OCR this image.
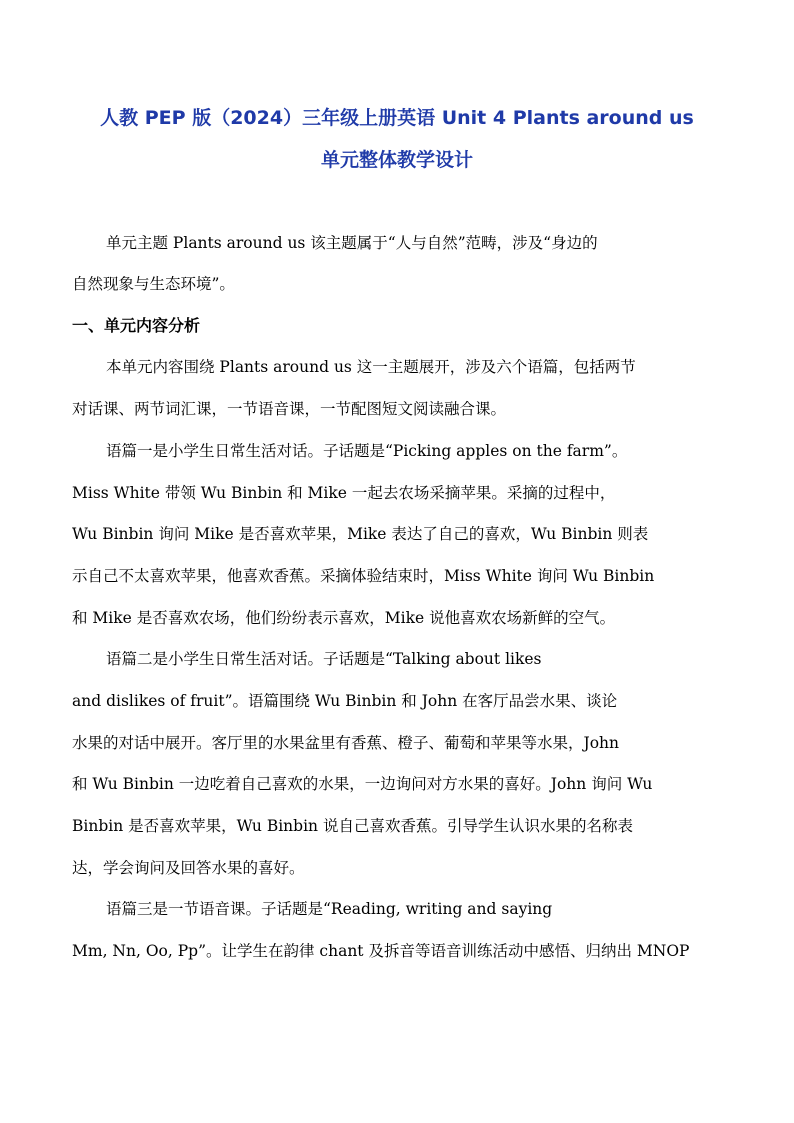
人教 PEP 版（2024）三年级上册英语 Unit 4 Plants around us
单元整体教学设计
单元主题 Plants around us 该主题属于“人与自然”范畴，涉及“身边的
自然现象与生态环境”。
一、单元内容分析
本单元内容围绕 Plants around us 这一主题展开，涉及六个语篇，包括两节
对话课、两节词汇课，一节语音课，一节配图短文阅读融合课。
语篇一是小学生日常生活对话。子话题是“Picking apples on the farm”。
Miss White 带领 Wu Binbin 和 Mike 一起去农场采摘苹果。采摘的过程中，
Wu Binbin 询问 Mike 是否喜欢苹果，Mike 表达了自己的喜欢，Wu Binbin 则表
示自己不太喜欢苹果，他喜欢香蕉。采摘体验结束时，Miss White 询问 Wu Binbin
和 Mike 是否喜欢农场，他们纷纷表示喜欢，Mike 说他喜欢农场新鲜的空气。
语篇二是小学生日常生活对话。子话题是“Talking about likes
and dislikes of fruit”。语篇围绕 Wu Binbin 和 John 在客厅品尝水果、谈论
水果的对话中展开。客厅里的水果盆里有香蕉、橙子、葡萄和苹果等水果，John
和 Wu Binbin 一边吃着自己喜欢的水果，一边询问对方水果的喜好。John 询问 Wu
Binbin 是否喜欢苹果，Wu Binbin 说自己喜欢香蕉。引导学生认识水果的名称表
达，学会询问及回答水果的喜好。
语篇三是一节语音课。子话题是“Reading, writing and saying
Mm, Nn, Oo, Pp”。让学生在韵律 chant 及拆音等语音训练活动中感悟、归纳出 MNOP
